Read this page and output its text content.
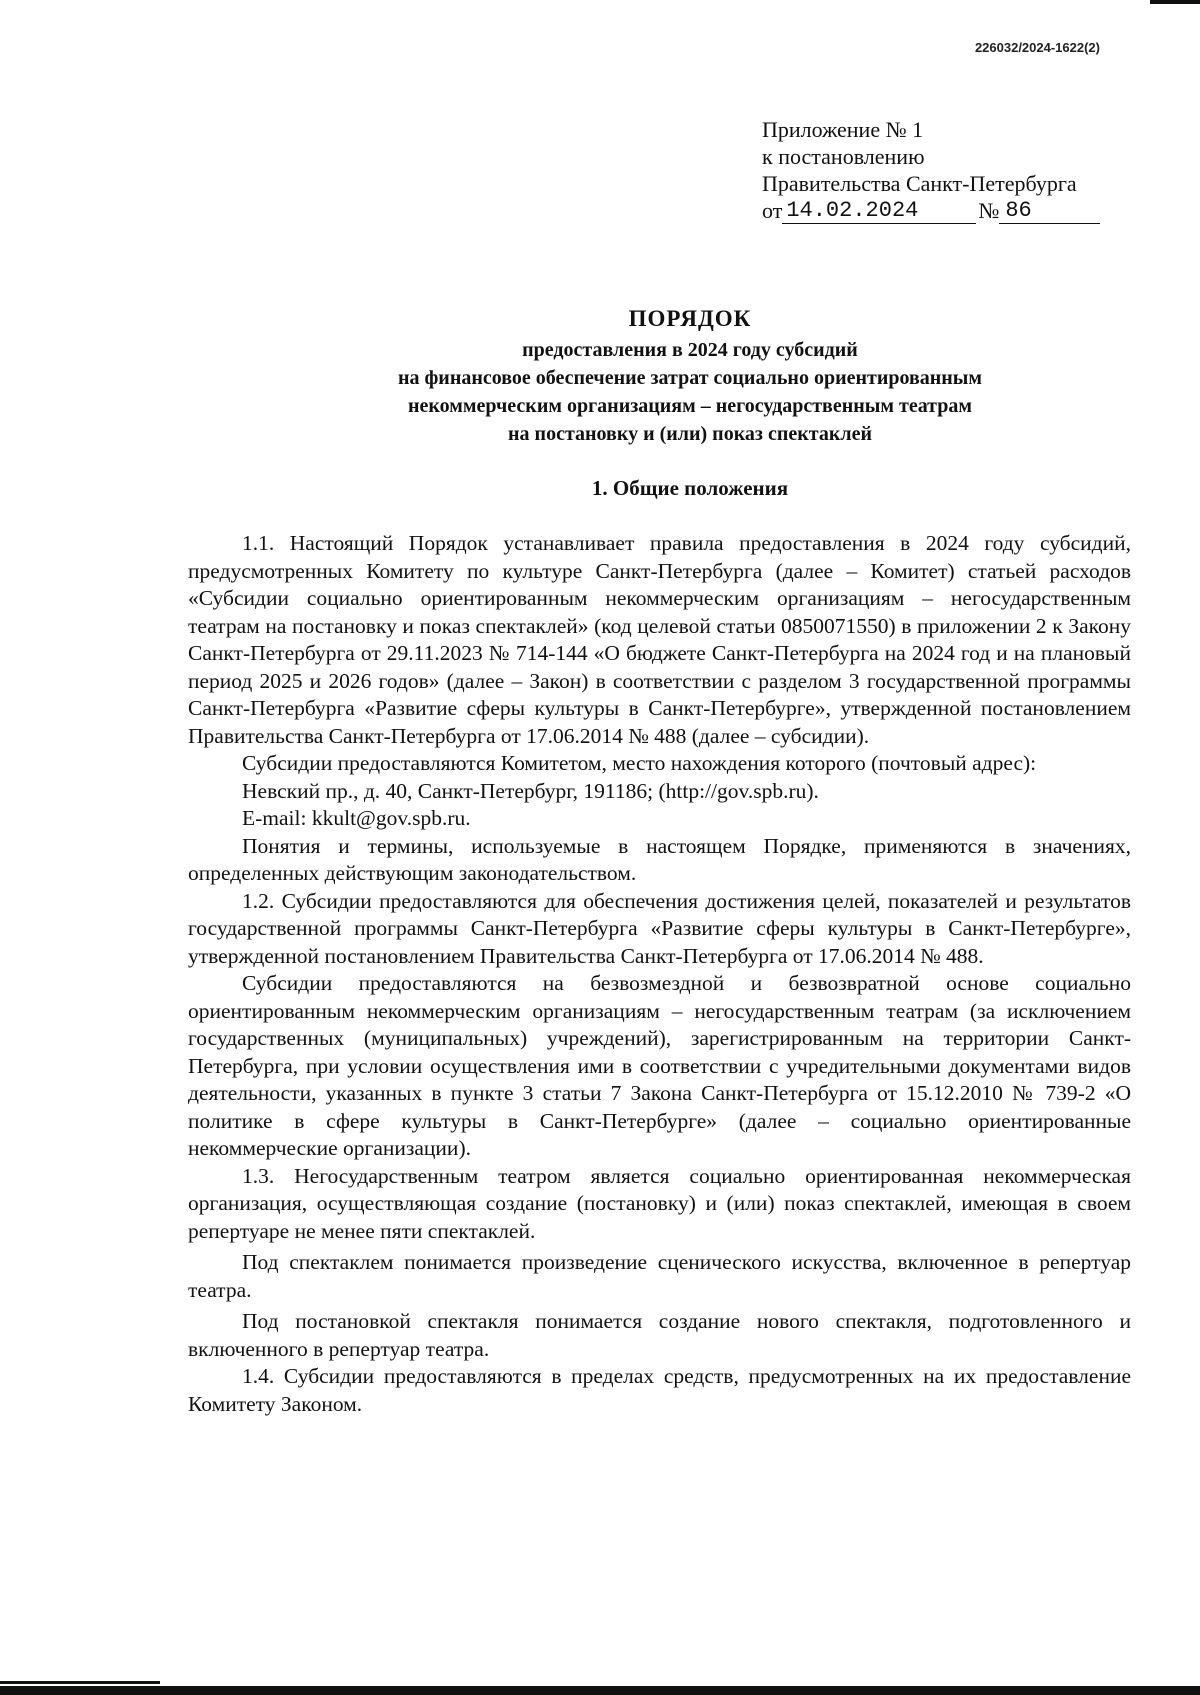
226032/2024-1622(2)
Приложение № 1
к постановлению
Правительства Санкт-Петербурга
от 14.02.2024	№ 86
ПОРЯДОК
предоставления в 2024 году субсидий
на финансовое обеспечение затрат социально ориентированным
некоммерческим организациям – негосударственным театрам
на постановку и (или) показ спектаклей
1. Общие положения

1.1. Настоящий Порядок устанавливает правила предоставления в 2024 году субсидий, предусмотренных Комитету по культуре Санкт-Петербурга (далее – Комитет) статьей расходов «Субсидии социально ориентированным некоммерческим организациям – негосударственным театрам на постановку и показ спектаклей» (код целевой статьи 0850071550) в приложении 2 к Закону Санкт-Петербурга от 29.11.2023 № 714-144 «О бюджете Санкт-Петербурга на 2024 год и на плановый период 2025 и 2026 годов» (далее – Закон) в соответствии с разделом 3 государственной программы Санкт-Петербурга «Развитие сферы культуры в Санкт-Петербурге», утвержденной постановлением Правительства Санкт-Петербурга от 17.06.2014 № 488 (далее – субсидии).

Субсидии предоставляются Комитетом, место нахождения которого (почтовый адрес):

Невский пр., д. 40, Санкт-Петербург, 191186; (http://gov.spb.ru).

E-mail: kkult@gov.spb.ru.

Понятия и термины, используемые в настоящем Порядке, применяются в значениях, определенных действующим законодательством.

1.2. Субсидии предоставляются для обеспечения достижения целей, показателей и результатов государственной программы Санкт-Петербурга «Развитие сферы культуры в Санкт-Петербурге», утвержденной постановлением Правительства Санкт-Петербурга от 17.06.2014 № 488.

Субсидии предоставляются на безвозмездной и безвозвратной основе социально ориентированным некоммерческим организациям – негосударственным театрам (за исключением государственных (муниципальных) учреждений), зарегистрированным на территории Санкт-Петербурга, при условии осуществления ими в соответствии с учредительными документами видов деятельности, указанных в пункте 3 статьи 7 Закона Санкт-Петербурга от 15.12.2010 № 739-2 «О политике в сфере культуры в Санкт-Петербурге» (далее – социально ориентированные некоммерческие организации).

1.3. Негосударственным театром является социально ориентированная некоммерческая организация, осуществляющая создание (постановку) и (или) показ спектаклей, имеющая в своем репертуаре не менее пяти спектаклей.

Под спектаклем понимается произведение сценического искусства, включенное в репертуар театра.

Под постановкой спектакля понимается создание нового спектакля, подготовленного и включенного в репертуар театра.

1.4. Субсидии предоставляются в пределах средств, предусмотренных на их предоставление Комитету Законом.
